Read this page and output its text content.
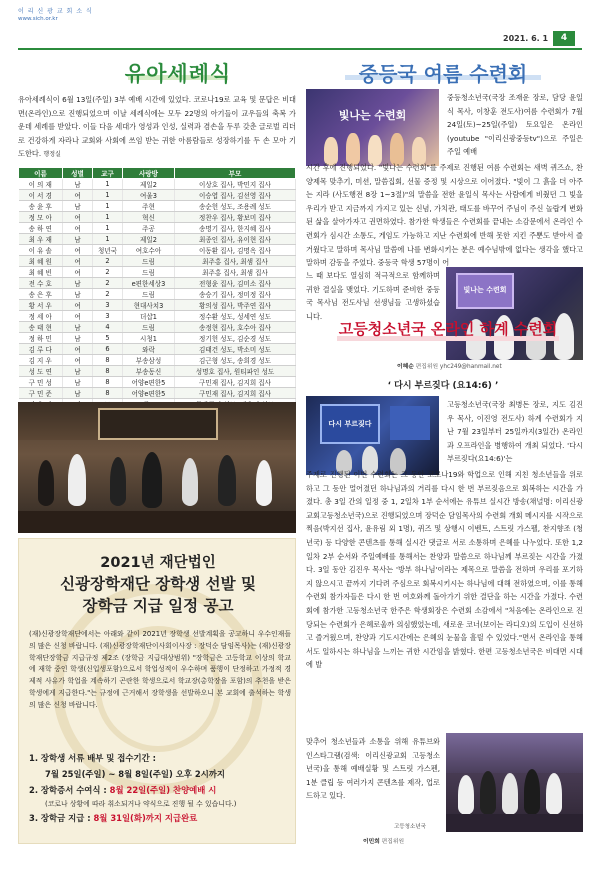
이 리 신 광 교 회 소 식
www.sich.or.kr
2021. 6. 1	4
유아세례식
유아세례식이 6월 13일(주일) 3부 예배 시간에 있었다. 코로나19로 교육 및 문답은 비대면(온라인)으로 진행되었으며 이날 세례식에는 모두 22명의 아기들이 교우들의 축복 가운데 세례를 받았다. 이들 다음 세대가 영성과 인성, 실력과 겸손을 두루 갖춘 글로벌 리더로 건강하게 자라나 교회와 사회에 쓰임 받는 귀한 아름람들로 성장하기를 두 손 모아 기도한다. 행정실
이름	성별	교구	사랑방	부모
이 의 재	남	1	제일2	이상호 집사, 박민지 집사
이 서 경	여	1	여울3	이승엽 집사, 김선영 집사
송 윤 후	남	1	주현	송순헌 성도, 조용례 성도
정 모 아	여	1	혁신	정찬우 집사, 황보미 집사
송 하 연	여	1	주공	송명기 집사, 한지혜 집사
최 우 재	남	1	제일2	최종인 집사, 유이현 집사
이 유 솔	여	청년국	여호수아	이동환 집사, 김명옥 집사
최 혜 원	여	2	드림	최주홍 집사, 최샘 집사
최 혜 빈	여	2	드림	최주홍 집사, 최샘 집사
전 수 호	남	2	e편한세상3	전형윤 집사, 김미소 집사
송 은 후	남	2	드림	송승기 집사, 정미정 집사
황 서 우	여	3	현대사치3	황의성 집사, 박주연 집사
정 세 아	여	3	더샵1	정수환 성도, 성세연 성도
송 태 현	남	4	드림	송정현 집사, 호수아 집사
정 하 민	남	5	시청1	정기헌 성도, 김순경 성도
김 루 다	여	6	와락	김태건 성도, 박소미 성도
김 지 우	여	8	부송삼성	김근형 성도, 송희경 성도
성 도 연	남	8	부송동신	성명호 집사, 원티파인 성도
구 민 성	남	8	어양e편한5	구민재 집사, 김지희 집사
구 민 준	남	8	어양e편한5	구민재 집사, 김지희 집사

2021년 재단법인
신광장학재단 장학생 선발 및
장학금 지급 일정 공고
(재)신광장학재단에서는 아래와 같이 2021년 장학생 선발계획을 공고하니 우수인재들의 많은 신청 바랍니다. (재)신광장학재단이사회이사장 : 장덕순 담임목사)는 (재)신광장학재단장학금 지급규정 제2조 (장학금 지급대상범위) "장학금은 고등학교 이상의 학교에 재학 중인 학생(신입생포함)으로서 학업성적이 우수하며 품행이 단정하고 가정적 경제적 사유가 학업을 계속하기 곤란한 학생으로서 학교장(총학장을 포함)의 추천을 받은 학생에게 지급한다."는 규정에 근거해서 장학생을 선발하오니 본 교회에 출석하는 학생의 많은 신청 바랍니다.
1. 장학생 서류 배부 및 접수기간 :
7월 25일(주일) ~ 8월 8일(주일) 오후 2시까지
2. 장학증서 수여식 : 8월 22일(주일) 찬양예배 시
(코로나 상황에 따라 취소되거나 약식으로 진행 될 수 있습니다.)
3. 장학금 지급 : 8월 31일(화)까지 지급완료
중등국 여름 수련회
빛나는 수련회
중등청소년국(국장 조재운 장로, 담당 윤일식 목사, 이창훈 전도사)여름 수련회가 7월 24일(토)~25일(주일) 토요일은 온라인(youtube "이리신광중등tv")으로 주일은 주일 예배
시간 후에 진행되었다. "빛나는 수련회"를 주제로 진행된 여름 수련회는 새벽 퀴즈쇼, 찬양제목 맞추기, 미션, 말씀집회, 선물 증정 및 시상으로 이어졌다. "빛이 그 흙을 더 아주는 지라 (사도행전 8장 1~3절)"의 말씀을 전한 윤일식 목사는 사람에게 비췄던 그 빛을 우리가 받고 지금까지 가지고 있는 신념, 가치관, 태도를 바꾸어 주님이 주신 놀랍게 변화된 삶을 살아가자고 권면하였다. 참가한 학생들은 수련회를 끝내는 소감문에서 온라인 수련회가 심시간 소통도, 게임도 가능하고 지난 수련회에 반해 못한 지킨 주뿐도 받아서 즐거웠다고 말하며 목사님 말씀에 나를 변화시키는 분은 예수님밖에 없다는 생각을 했다고 말하며 감동을 주었다. 중등국 학생 57명이 어
느 때 보다도 열심히 적극적으로 함께하며 귀한 결실을 맺었다. 기도하며 준비한 중등국 목사님 전도사님 선생님들 고생하셨습니다.
빛나는 수련회
이혜순 편집위원 yhc249@hanmail.net
고등청소년국 온라인 하계 수련회
‘ 다시 부르짖다 (요14:6) ’
다시 부르짖다
고등청소년국(국장 최병돈 장로, 지도 김진우 목사, 이진영 전도사) 하계 수련회가 지난 7월 23일부터 25일까지(3일간) 온라인과 오프라인을 병행하여 개최 되었다. '다시 부르짖다(요14:6)'는
주제로 진행된 이번 수련회는 그 동안 코로나19와 학업으로 인해 지친 청소년들을 위로하고 그 동안 멀어졌던 하나님과의 거리를 다시 한 번 부르짖음으로 회복하는 시간을 가졌다. 총 3일 간의 일정 중 1, 2일차 1부 순서에는 유튜브 실시간 방송(채널명: 이리신광교회고등청소년국)으로 진행되었으며 장덕순 담임목사의 수련회 개회 메시지를 시작으로 찍음(박지선 집사, 윤유림 외 1명), 퀴즈 및 상행시 이벤트, 스트릿 가스펠, 찬지향조 (청년국) 등 다양한 콘텐츠를 통해 실시간 댓글로 서로 소통하며 은혜를 나누었다. 또한 1,2일차 2부 순서와 주일예배를 통해서는 찬양과 말씀으로 하나님께 부르짖는 시간을 가졌다. 3일 동안 김진우 목사는 '방부 하나님'이라는 제목으로 말씀을 전하며 우리를 포기하지 않으시고 끝까지 기다려 주심으로 회복시키시는 하나님에 대해 전하였으며, 이를 통해 수련회 참가자들은 다시 한 번 여호와께 돌아가기 위한 결단을 하는 시간을 가졌다. 수련회에 참가한 고등청소년국 한주은 학생회장은 수련회 소감에서 "처음에는 온라인으로 진당되는 수련회가 은혜로울까 의심했었는데, 새로운 코너(보이는 라디오)의 도입이 신선하고 즐거웠으며, 찬양과 기도시간에는 은혜의 눈물을 흘릴 수 있었다."면서 온라인을 통해서도 일하시는 하나님을 느끼는 귀한 시간임을 밝혔다. 한편 고등청소년국은 비대면 시대에 발
맞추어 청소년들과 소통을 위해 유튜브와 인스타그램(검색: 이리신광교회 고등청소년국)을 통해 예배실황 및 스트릿 가스펜, 1분 클립 등 여러가지 콘텐츠를 제작, 업로드하고 있다.
고등청소년국
이민희 편집위원
